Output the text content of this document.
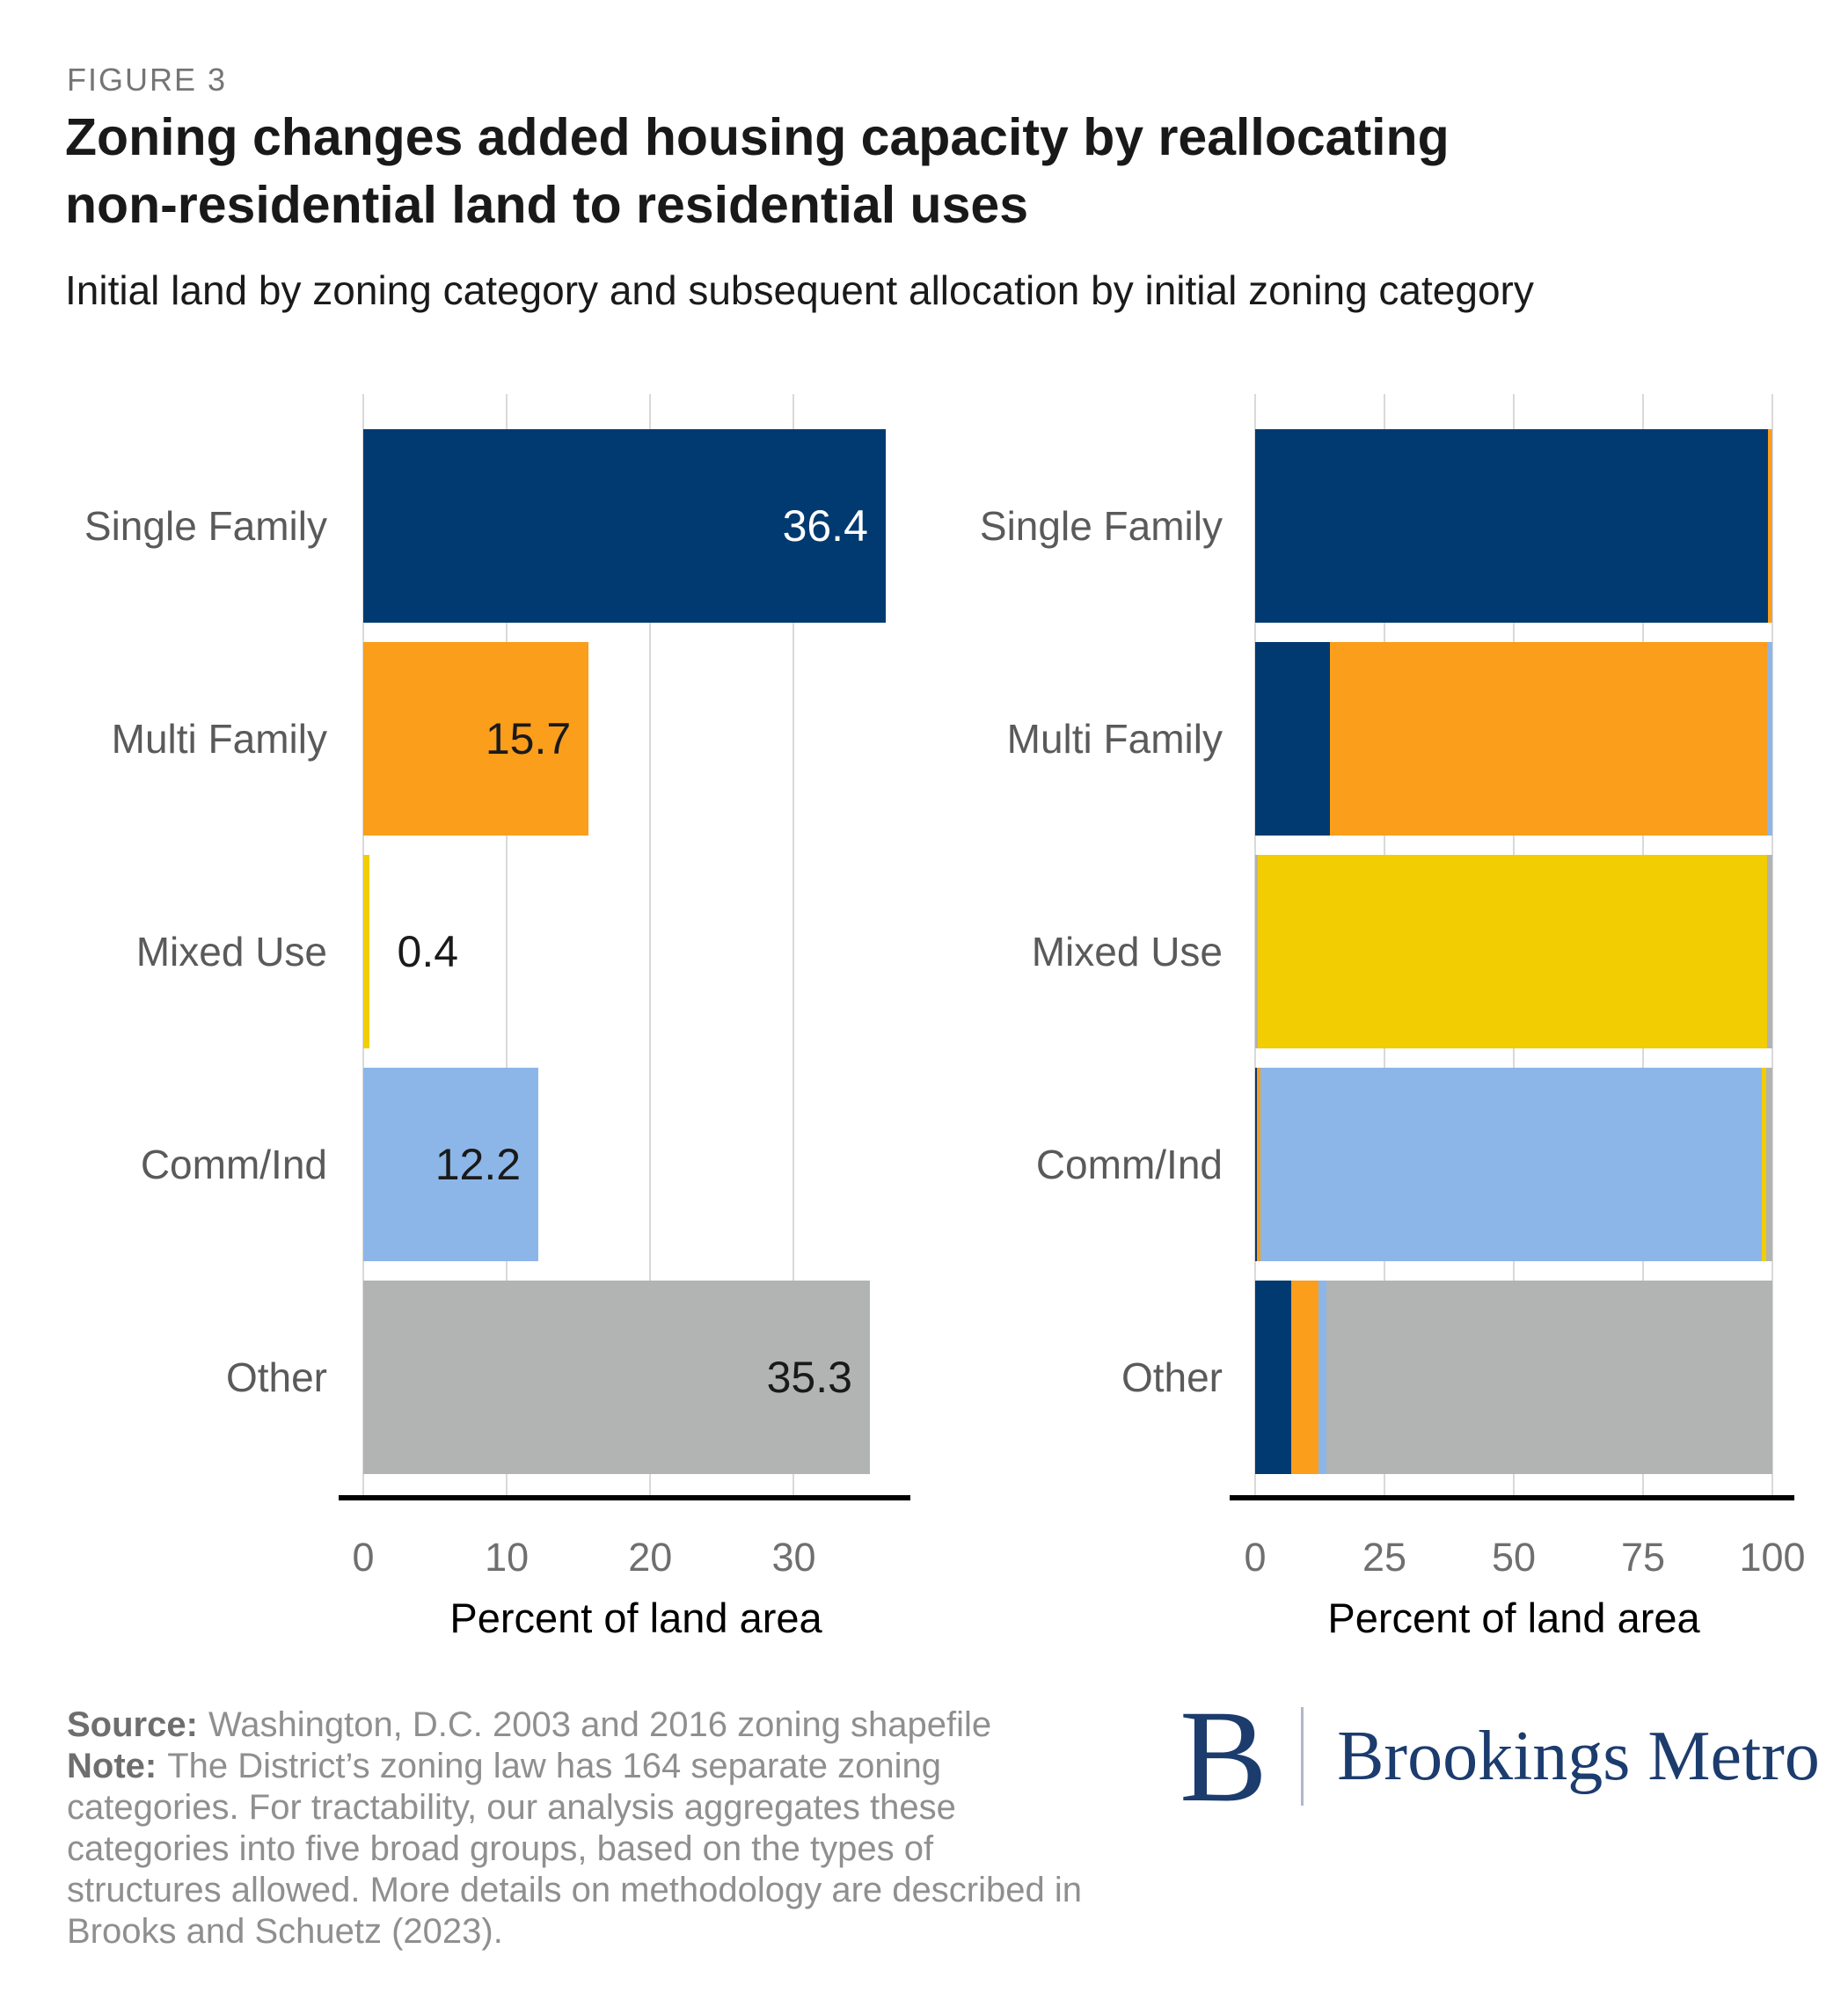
FIGURE 3
Zoning changes added housing capacity by reallocating
non-residential land to residential uses
Initial land by zoning category and subsequent allocation by initial zoning category
Single Family
Multi Family
Mixed Use
Comm/Ind
Other
36.4
15.7
0.4
12.2
35.3
0	10	20	30
Percent of land area
Single Family
Multi Family
Mixed Use
Comm/Ind
Other
0 25 50 75 100
Percent of land area

Source: Washington, D.C. 2003 and 2016 zoning shapefile

Note: The District’s zoning law has 164 separate zoning

categories. For tractability, our analysis aggregates these

categories into five broad groups, based on the types of

structures allowed. More details on methodology are described in

Brooks and Schuetz (2023).

B Brookings Metro
